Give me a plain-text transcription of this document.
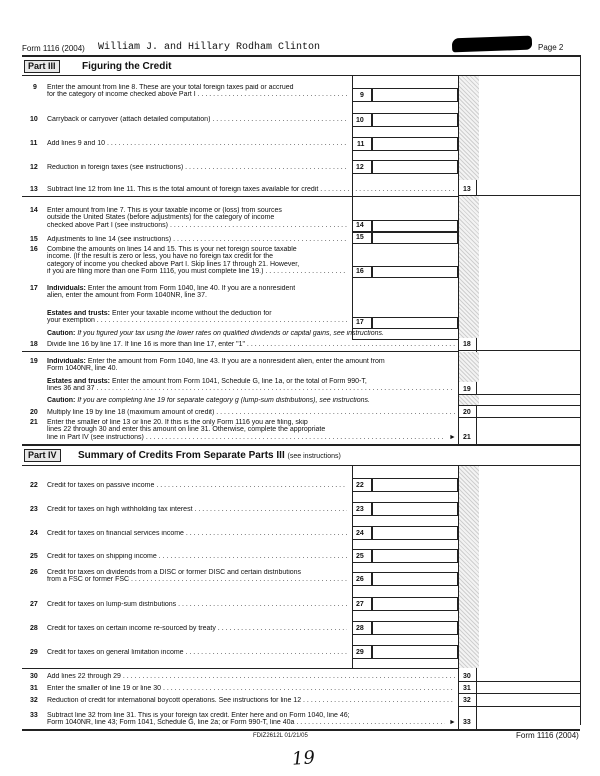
Form 1116 (2004) William J. and Hillary Rodham Clinton	Page 2
Part III	Figuring the Credit
9 Enter the amount from line 8. These are your total foreign taxes paid or accrued
for the category of income checked above Part I . . .	9
10 Carryback or carryover (attach detailed computation) . . .	10
11 Add lines 9 and 10 . . .	11
12 Reduction in foreign taxes (see instructions) . . .	12
13 Subtract line 12 from line 11. This is the total amount of foreign taxes available for credit . . .	13
14 Enter amount from line 7. This is your taxable income or (loss) from sources
outside the United States (before adjustments) for the category of income
checked above Part I (see instructions) . . .	14
15 Adjustments to line 14 (see instructions) . . .	15
16 Combine the amounts on lines 14 and 15. This is your net foreign source taxable
income. (If the result is zero or less, you have no foreign tax credit for the
category of income you checked above Part I. Skip lines 17 through 21. However,
if you are filing more than one Form 1116, you must complete line 19.) . . .	16
17 Individuals: Enter the amount from Form 1040, line 40. If you are a nonresident
alien, enter the amount from Form 1040NR, line 37.
Estates and trusts: Enter your taxable income without the deduction for
your exemption . . .	17
Caution: If you figured your tax using the lower rates on qualified dividends or capital gains, see instructions.
18 Divide line 16 by line 17. If line 16 is more than line 17, enter "1" . . .	18
19 Individuals: Enter the amount from Form 1040, line 43. If you are a nonresident alien, enter the amount from
Form 1040NR, line 40.
Estates and trusts: Enter the amount from Form 1041, Schedule G, line 1a, or the total of Form 990-T,
lines 36 and 37 . . .	19
Caution: If you are completing line 19 for separate category g (lump-sum distributions), see instructions.
20 Multiply line 19 by line 18 (maximum amount of credit) . . .	20
21 Enter the smaller of line 13 or line 20. If this is the only Form 1116 you are filing, skip
lines 22 through 30 and enter this amount on line 31. Otherwise, complete the appropriate
line in Part IV (see instructions) . . .	► 21
Part IV	Summary of Credits From Separate Parts III (see instructions)
22 Credit for taxes on passive income . . .	22
23 Credit for taxes on high withholding tax interest . . .	23
24 Credit for taxes on financial services income . . .	24
25 Credit for taxes on shipping income . . .	25
26 Credit for taxes on dividends from a DISC or former DISC and certain distributions
from a FSC or former FSC . . .	26
27 Credit for taxes on lump-sum distributions . . .	27
28 Credit for taxes on certain income re-sourced by treaty . . .	28
29 Credit for taxes on general limitation income . . .	29
30 Add lines 22 through 29 . . .	30
31 Enter the smaller of line 19 or line 30 . . .	31
32 Reduction of credit for international boycott operations. See instructions for line 12 . . .	32
33 Subtract line 32 from line 31. This is your foreign tax credit. Enter here and on Form 1040, line 46;
Form 1040NR, line 43; Form 1041, Schedule G, line 2a; or Form 990-T, line 40a . . .	► 33
FDIZ2612L 01/21/05	Form 1116 (2004)
19
